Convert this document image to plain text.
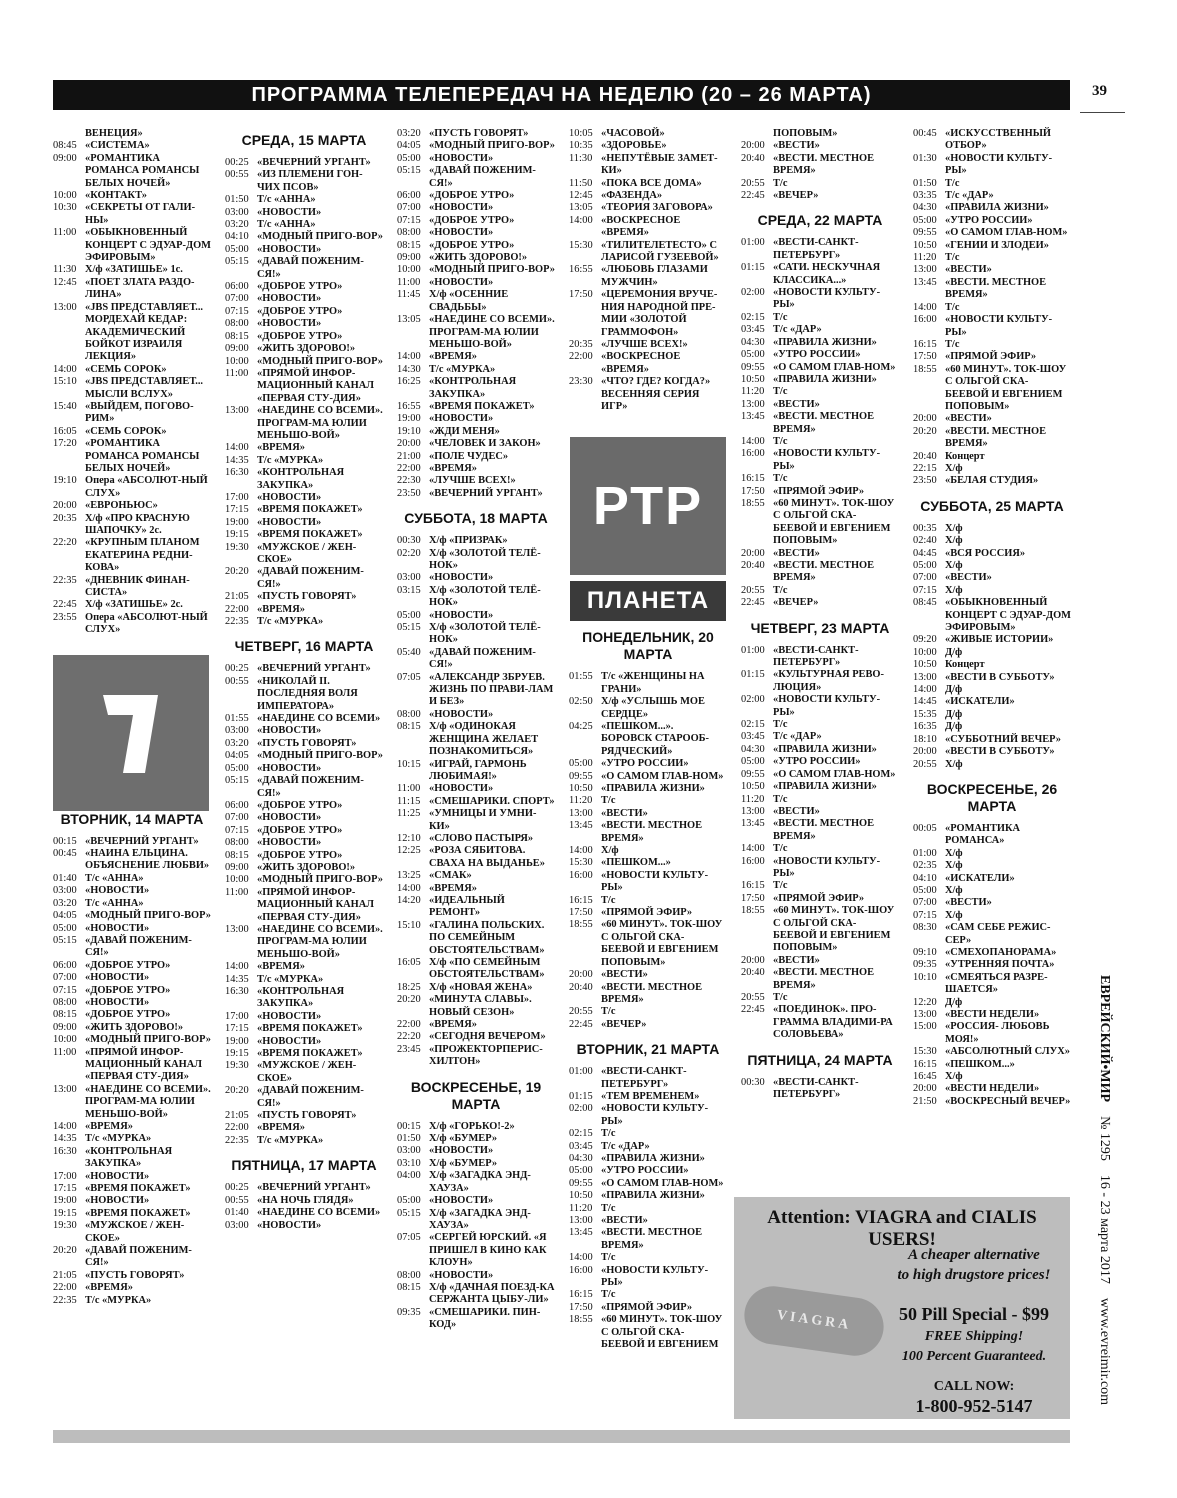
ПРОГРАММА ТЕЛЕПЕРЕДАЧ НА НЕДЕЛЮ (20 – 26 МАРТА)	39
ВЕНЕЦИЯ»
08:45 «СИСТЕМА»
09:00 «РОМАНТИКА РОМАНСА РОМАНСЫ БЕЛЫХ НОЧЕЙ»
10:00 «КОНТАКТ»
10:30 «СЕКРЕТЫ ОТ ГАЛИ-НЫ»
11:00 «ОБЫКНОВЕННЫЙ КОНЦЕРТ С ЭДУАР-ДОМ ЭФИРОВЫМ»
11:30 Х/ф «ЗАТИШЬЕ» 1с.
12:45 «ПОЕТ ЗЛАТА РАЗДО-ЛИНА»
13:00 «JBS ПРЕДСТАВЛЯЕТ... МОРДЕХАЙ КЕДАР: АКАДЕМИЧЕСКИЙ БОЙКОТ ИЗРАИЛЯ ЛЕКЦИЯ»
14:00 «СЕМЬ СОРОК»
15:10 «JBS ПРЕДСТАВЛЯЕТ... МЫСЛИ ВСЛУХ»
15:40 «ВЫЙДЕМ, ПОГОВО-РИМ»
16:05 «СЕМЬ СОРОК»
17:20 «РОМАНТИКА РОМАНСА РОМАНСЫ БЕЛЫХ НОЧЕЙ»
19:10 Опера «АБСОЛЮТ-НЫЙ СЛУХ»
20:00 «ЕВРОНЬЮС»
20:35 Х/ф «ПРО КРАСНУЮ ШАПОЧКУ» 2с.
22:20 «КРУПНЫМ ПЛАНОМ ЕКАТЕРИНА РЕДНИ-КОВА»
22:35 «ДНЕВНИК ФИНАН-СИСТА»
22:45 Х/ф «ЗАТИШЬЕ» 2с.
23:55 Опера «АБСОЛЮТ-НЫЙ СЛУХ»
ВТОРНИК, 14 МАРТА
00:15 «ВЕЧЕРНИЙ УРГАНТ»
00:45 «НАИНА ЕЛЬЦИНА. ОБЪЯСНЕНИЕ ЛЮБВИ»
01:40 Т/с «АННА»
03:00 «НОВОСТИ»
03:20 Т/с «АННА»
04:05 «МОДНЫЙ ПРИГО-ВОР»
05:00 «НОВОСТИ»
05:15 «ДАВАЙ ПОЖЕНИМ-СЯ!»
06:00 «ДОБРОЕ УТРО»
07:00 «НОВОСТИ»
07:15 «ДОБРОЕ УТРО»
08:00 «НОВОСТИ»
08:15 «ДОБРОЕ УТРО»
09:00 «ЖИТЬ ЗДОРОВО!»
10:00 «МОДНЫЙ ПРИГО-ВОР»
11:00 «ПРЯМОЙ ИНФОР-МАЦИОННЫЙ КАНАЛ «ПЕРВАЯ СТУ-ДИЯ»
13:00 «НАЕДИНЕ СО ВСЕМИ». ПРОГРАМ-МА ЮЛИИ МЕНЬШО-ВОЙ»
14:00 «ВРЕМЯ»
14:35 Т/с «МУРКА»
16:30 «КОНТРОЛЬНАЯ ЗАКУПКА»
17:00 «НОВОСТИ»
17:15 «ВРЕМЯ ПОКАЖЕТ»
19:00 «НОВОСТИ»
19:15 «ВРЕМЯ ПОКАЖЕТ»
19:30 «МУЖСКОЕ / ЖЕН-СКОЕ»
20:20 «ДАВАЙ ПОЖЕНИМ-СЯ!»
21:05 «ПУСТЬ ГОВОРЯТ»
22:00 «ВРЕМЯ»
22:35 Т/с «МУРКА»
СРЕДА, 15 МАРТА
00:25 «ВЕЧЕРНИЙ УРГАНТ»
00:55 «ИЗ ПЛЕМЕНИ ГОН-ЧИХ ПСОВ»
01:50 Т/с «АННА»
03:00 «НОВОСТИ»
03:20 Т/с «АННА»
04:10 «МОДНЫЙ ПРИГО-ВОР»
05:00 «НОВОСТИ»
05:15 «ДАВАЙ ПОЖЕНИМ-СЯ!»
06:00 «ДОБРОЕ УТРО»
07:00 «НОВОСТИ»
07:15 «ДОБРОЕ УТРО»
08:00 «НОВОСТИ»
08:15 «ДОБРОЕ УТРО»
09:00 «ЖИТЬ ЗДОРОВО!»
10:00 «МОДНЫЙ ПРИГО-ВОР»
11:00 «ПРЯМОЙ ИНФОР-МАЦИОННЫЙ КАНАЛ «ПЕРВАЯ СТУ-ДИЯ»
13:00 «НАЕДИНЕ СО ВСЕМИ». ПРОГРАМ-МА ЮЛИИ МЕНЬШО-ВОЙ»
14:00 «ВРЕМЯ»
14:35 Т/с «МУРКА»
16:30 «КОНТРОЛЬНАЯ ЗАКУПКА»
17:00 «НОВОСТИ»
17:15 «ВРЕМЯ ПОКАЖЕТ»
19:00 «НОВОСТИ»
19:15 «ВРЕМЯ ПОКАЖЕТ»
19:30 «МУЖСКОЕ / ЖЕН-СКОЕ»
20:20 «ДАВАЙ ПОЖЕНИМ-СЯ!»
21:05 «ПУСТЬ ГОВОРЯТ»
22:00 «ВРЕМЯ»
22:35 Т/с «МУРКА»
ЧЕТВЕРГ, 16 МАРТА
00:25 «ВЕЧЕРНИЙ УРГАНТ»
00:55 «НИКОЛАЙ II. ПОСЛЕДНЯЯ ВОЛЯ ИМПЕРАТОРА»
01:55 «НАЕДИНЕ СО ВСЕМИ»
03:00 «НОВОСТИ»
03:20 «ПУСТЬ ГОВОРЯТ»
04:05 «МОДНЫЙ ПРИГО-ВОР»
05:00 «НОВОСТИ»
05:15 «ДАВАЙ ПОЖЕНИМ-СЯ!»
06:00 «ДОБРОЕ УТРО»
07:00 «НОВОСТИ»
07:15 «ДОБРОЕ УТРО»
08:00 «НОВОСТИ»
08:15 «ДОБРОЕ УТРО»
09:00 «ЖИТЬ ЗДОРОВО!»
10:00 «МОДНЫЙ ПРИГО-ВОР»
11:00 «ПРЯМОЙ ИНФОР-МАЦИОННЫЙ КАНАЛ «ПЕРВАЯ СТУ-ДИЯ»
13:00 «НАЕДИНЕ СО ВСЕМИ». ПРОГРАМ-МА ЮЛИИ МЕНЬШО-ВОЙ»
14:00 «ВРЕМЯ»
14:35 Т/с «МУРКА»
16:30 «КОНТРОЛЬНАЯ ЗАКУПКА»
17:00 «НОВОСТИ»
17:15 «ВРЕМЯ ПОКАЖЕТ»
19:00 «НОВОСТИ»
19:15 «ВРЕМЯ ПОКАЖЕТ»
19:30 «МУЖСКОЕ / ЖЕН-СКОЕ»
20:20 «ДАВАЙ ПОЖЕНИМ-СЯ!»
21:05 «ПУСТЬ ГОВОРЯТ»
22:00 «ВРЕМЯ»
22:35 Т/с «МУРКА»
ПЯТНИЦА, 17 МАРТА
00:25 «ВЕЧЕРНИЙ УРГАНТ»
00:55 «НА НОЧЬ ГЛЯДЯ»
01:40 «НАЕДИНЕ СО ВСЕМИ»
03:00 «НОВОСТИ»
03:20 «ПУСТЬ ГОВОРЯТ»
04:05 «МОДНЫЙ ПРИГО-ВОР»
05:00 «НОВОСТИ»
05:15 «ДАВАЙ ПОЖЕНИМ-СЯ!»
06:00 «ДОБРОЕ УТРО»
07:00 «НОВОСТИ»
07:15 «ДОБРОЕ УТРО»
08:00 «НОВОСТИ»
08:15 «ДОБРОЕ УТРО»
09:00 «ЖИТЬ ЗДОРОВО!»
10:00 «МОДНЫЙ ПРИГО-ВОР»
11:00 «НОВОСТИ»
11:45 Х/ф «ОСЕННИЕ СВАДЬБЫ»
13:05 «НАЕДИНЕ СО ВСЕМИ». ПРОГРАМ-МА ЮЛИИ МЕНЬШО-ВОЙ»
14:00 «ВРЕМЯ»
14:30 Т/с «МУРКА»
16:25 «КОНТРОЛЬНАЯ ЗАКУПКА»
16:55 «ВРЕМЯ ПОКАЖЕТ»
19:00 «НОВОСТИ»
19:10 «ЖДИ МЕНЯ»
20:00 «ЧЕЛОВЕК И ЗАКОН»
21:00 «ПОЛЕ ЧУДЕС»
22:00 «ВРЕМЯ»
22:30 «ЛУЧШЕ ВСЕХ!»
23:50 «ВЕЧЕРНИЙ УРГАНТ»
СУББОТА, 18 МАРТА
00:30 Х/ф «ПРИЗРАК»
02:20 Х/ф «ЗОЛОТОЙ ТЕЛЁ-НОК»
03:00 «НОВОСТИ»
03:15 Х/ф «ЗОЛОТОЙ ТЕЛЁ-НОК»
05:00 «НОВОСТИ»
05:15 Х/ф «ЗОЛОТОЙ ТЕЛЁ-НОК»
05:40 «ДАВАЙ ПОЖЕНИМ-СЯ!»
07:05 «АЛЕКСАНДР ЗБРУЕВ. ЖИЗНЬ ПО ПРАВИ-ЛАМ И БЕЗ»
08:00 «НОВОСТИ»
08:15 Х/ф «ОДИНОКАЯ ЖЕНЩИНА ЖЕЛАЕТ ПОЗНАКОМИТЬСЯ»
10:15 «ИГРАЙ, ГАРМОНЬ ЛЮБИМАЯ!»
11:00 «НОВОСТИ»
11:15 «СМЕШАРИКИ. СПОРТ»
11:25 «УМНИЦЫ И УМНИ-КИ»
12:10 «СЛОВО ПАСТЫРЯ»
12:25 «РОЗА СЯБИТОВА. СВАХА НА ВЫДАНЬЕ»
13:25 «СМАК»
14:00 «ВРЕМЯ»
14:20 «ИДЕАЛЬНЫЙ РЕМОНТ»
15:10 «ГАЛИНА ПОЛЬСКИХ. ПО СЕМЕЙНЫМ ОБСТОЯТЕЛЬСТВАМ»
16:05 Х/ф «ПО СЕМЕЙНЫМ ОБСТОЯТЕЛЬСТВАМ»
18:25 Х/ф «НОВАЯ ЖЕНА»
20:20 «МИНУТА СЛАВЫ». НОВЫЙ СЕЗОН»
22:00 «ВРЕМЯ»
22:20 «СЕГОДНЯ ВЕЧЕРОМ»
23:45 «ПРОЖЕКТОРПЕРИС-ХИЛТОН»
ВОСКРЕСЕНЬЕ, 19 МАРТА
00:15 Х/ф «ГОРЬКО!-2»
01:50 Х/ф «БУМЕР»
03:00 «НОВОСТИ»
03:10 Х/ф «БУМЕР»
04:00 Х/ф «ЗАГАДКА ЭНД-ХАУЗА»
05:00 «НОВОСТИ»
05:15 Х/ф «ЗАГАДКА ЭНД-ХАУЗА»
07:05 «СЕРГЕЙ ЮРСКИЙ. «Я ПРИШЕЛ В КИНО КАК КЛОУН»
08:00 «НОВОСТИ»
08:15 Х/ф «ДАЧНАЯ ПОЕЗД-КА СЕРЖАНТА ЦЫБУ-ЛИ»
09:35 «СМЕШАРИКИ. ПИН-КОД»
10:05 «ЧАСОВОЙ»
10:35 «ЗДОРОВЬЕ»
11:30 «НЕПУТЁВЫЕ ЗАМЕТ-КИ»
11:50 «ПОКА ВСЕ ДОМА»
12:45 «ФАЗЕНДА»
13:05 «ТЕОРИЯ ЗАГОВОРА»
14:00 «ВОСКРЕСНОЕ «ВРЕМЯ»
15:30 «ТИЛИТЕЛЕТЕСТО» С ЛАРИСОЙ ГУЗЕЕВОЙ»
16:55 «ЛЮБОВЬ ГЛАЗАМИ МУЖЧИН»
17:50 «ЦЕРЕМОНИЯ ВРУЧЕ-НИЯ НАРОДНОЙ ПРЕ-МИИ «ЗОЛОТОЙ ГРАММОФОН»
20:35 «ЛУЧШЕ ВСЕХ!»
22:00 «ВОСКРЕСНОЕ «ВРЕМЯ»
23:30 «ЧТО? ГДЕ? КОГДА?» ВЕСЕННЯЯ СЕРИЯ ИГР»
ПОНЕДЕЛЬНИК, 20 МАРТА
01:55 Т/с «ЖЕНЩИНЫ НА ГРАНИ»
02:50 Х/ф «УСЛЫШЬ МОЕ СЕРДЦЕ»
04:25 «ПЕШКОМ...». БОРОВСК СТАРООБ-РЯДЧЕСКИЙ»
05:00 «УТРО РОССИИ»
09:55 «О САМОМ ГЛАВ-НОМ»
10:50 «ПРАВИЛА ЖИЗНИ»
11:20 Т/с
13:00 «ВЕСТИ»
13:45 «ВЕСТИ. МЕСТНОЕ ВРЕМЯ»
14:00 Х/ф
15:30 «ПЕШКОМ...»
16:00 «НОВОСТИ КУЛЬТУ-РЫ»
16:15 Т/с
17:50 «ПРЯМОЙ ЭФИР»
18:55 «60 МИНУТ». ТОК-ШОУ С ОЛЬГОЙ СКА-БЕЕВОЙ И ЕВГЕНИЕМ ПОПОВЫМ»
20:00 «ВЕСТИ»
20:40 «ВЕСТИ. МЕСТНОЕ ВРЕМЯ»
20:55 Т/с
22:45 «ВЕЧЕР»
ВТОРНИК, 21 МАРТА
01:00 «ВЕСТИ-САНКТ-ПЕТЕРБУРГ»
01:15 «ТЕМ ВРЕМЕНЕМ»
02:00 «НОВОСТИ КУЛЬТУ-РЫ»
02:15 Т/с
03:45 Т/с «ДАР»
04:30 «ПРАВИЛА ЖИЗНИ»
05:00 «УТРО РОССИИ»
09:55 «О САМОМ ГЛАВ-НОМ»
10:50 «ПРАВИЛА ЖИЗНИ»
11:20 Т/с
13:00 «ВЕСТИ»
13:45 «ВЕСТИ. МЕСТНОЕ ВРЕМЯ»
14:00 Т/с
16:00 «НОВОСТИ КУЛЬТУ-РЫ»
16:15 Т/с
17:50 «ПРЯМОЙ ЭФИР»
18:55 «60 МИНУТ». ТОК-ШОУ С ОЛЬГОЙ СКА-БЕЕВОЙ И ЕВГЕНИЕМ
ПОПОВЫМ»
20:00 «ВЕСТИ»
20:40 «ВЕСТИ. МЕСТНОЕ ВРЕМЯ»
20:55 Т/с
22:45 «ВЕЧЕР»
СРЕДА, 22 МАРТА
01:00 «ВЕСТИ-САНКТ-ПЕТЕРБУРГ»
01:15 «САТИ. НЕСКУЧНАЯ КЛАССИКА...»
02:00 «НОВОСТИ КУЛЬТУ-РЫ»
02:15 Т/с
03:45 Т/с «ДАР»
04:30 «ПРАВИЛА ЖИЗНИ»
05:00 «УТРО РОССИИ»
09:55 «О САМОМ ГЛАВ-НОМ»
10:50 «ПРАВИЛА ЖИЗНИ»
11:20 Т/с
13:00 «ВЕСТИ»
13:45 «ВЕСТИ. МЕСТНОЕ ВРЕМЯ»
14:00 Т/с
16:00 «НОВОСТИ КУЛЬТУ-РЫ»
16:15 Т/с
17:50 «ПРЯМОЙ ЭФИР»
18:55 «60 МИНУТ». ТОК-ШОУ С ОЛЬГОЙ СКА-БЕЕВОЙ И ЕВГЕНИЕМ ПОПОВЫМ»
20:00 «ВЕСТИ»
20:40 «ВЕСТИ. МЕСТНОЕ ВРЕМЯ»
20:55 Т/с
22:45 «ВЕЧЕР»
ЧЕТВЕРГ, 23 МАРТА
01:00 «ВЕСТИ-САНКТ-ПЕТЕРБУРГ»
01:15 «КУЛЬТУРНАЯ РЕВО-ЛЮЦИЯ»
02:00 «НОВОСТИ КУЛЬТУ-РЫ»
02:15 Т/с
03:45 Т/с «ДАР»
04:30 «ПРАВИЛА ЖИЗНИ»
05:00 «УТРО РОССИИ»
09:55 «О САМОМ ГЛАВ-НОМ»
10:50 «ПРАВИЛА ЖИЗНИ»
11:20 Т/с
13:00 «ВЕСТИ»
13:45 «ВЕСТИ. МЕСТНОЕ ВРЕМЯ»
14:00 Т/с
16:00 «НОВОСТИ КУЛЬТУ-РЫ»
16:15 Т/с
17:50 «ПРЯМОЙ ЭФИР»
18:55 «60 МИНУТ». ТОК-ШОУ С ОЛЬГОЙ СКА-БЕЕВОЙ И ЕВГЕНИЕМ ПОПОВЫМ»
20:00 «ВЕСТИ»
20:40 «ВЕСТИ. МЕСТНОЕ ВРЕМЯ»
20:55 Т/с
22:45 «ПОЕДИНОК». ПРО-ГРАММА ВЛАДИМИ-РА СОЛОВЬЕВА»
ПЯТНИЦА, 24 МАРТА
00:30 «ВЕСТИ-САНКТ-ПЕТЕРБУРГ»
00:45 «ИСКУССТВЕННЫЙ ОТБОР»
01:30 «НОВОСТИ КУЛЬТУ-РЫ»
01:50 Т/с
03:35 Т/с «ДАР»
04:30 «ПРАВИЛА ЖИЗНИ»
05:00 «УТРО РОССИИ»
09:55 «О САМОМ ГЛАВ-НОМ»
10:50 «ГЕНИИ И ЗЛОДЕИ»
11:20 Т/с
13:00 «ВЕСТИ»
13:45 «ВЕСТИ. МЕСТНОЕ ВРЕМЯ»
14:00 Т/с
16:00 «НОВОСТИ КУЛЬТУ-РЫ»
16:15 Т/с
17:50 «ПРЯМОЙ ЭФИР»
18:55 «60 МИНУТ». ТОК-ШОУ С ОЛЬГОЙ СКА-БЕЕВОЙ И ЕВГЕНИЕМ ПОПОВЫМ»
20:00 «ВЕСТИ»
20:20 «ВЕСТИ. МЕСТНОЕ ВРЕМЯ»
20:40 Концерт
22:15 Х/ф
23:50 «БЕЛАЯ СТУДИЯ»
СУББОТА, 25 МАРТА
00:35 Х/ф
02:40 Х/ф
04:45 «ВСЯ РОССИЯ»
05:00 Х/ф
07:00 «ВЕСТИ»
07:15 Х/ф
08:45 «ОБЫКНОВЕННЫЙ КОНЦЕРТ С ЭДУАР-ДОМ ЭФИРОВЫМ»
09:20 «ЖИВЫЕ ИСТОРИИ»
10:00 Д/ф
10:50 Концерт
13:00 «ВЕСТИ В СУББОТУ»
14:00 Д/ф
14:45 «ИСКАТЕЛИ»
15:35 Д/ф
16:35 Д/ф
18:10 «СУББОТНИЙ ВЕЧЕР»
20:00 «ВЕСТИ В СУББОТУ»
20:55 Х/ф
ВОСКРЕСЕНЬЕ, 26 МАРТА
00:05 «РОМАНТИКА РОМАНСА»
01:00 Х/ф
02:35 Х/ф
04:10 «ИСКАТЕЛИ»
05:00 Х/ф
07:00 «ВЕСТИ»
07:15 Х/ф
08:30 «САМ СЕБЕ РЕЖИС-СЕР»
09:10 «СМЕХОПАНОРАМА»
09:35 «УТРЕННЯЯ ПОЧТА»
10:10 «СМЕЯТЬСЯ РАЗРЕ-ШАЕТСЯ»
12:20 Д/ф
13:00 «ВЕСТИ НЕДЕЛИ»
15:00 «РОССИЯ- ЛЮБОВЬ МОЯ!»
15:30 «АБСОЛЮТНЫЙ СЛУХ»
16:15 «ПЕШКОМ...»
16:45 Х/ф
20:00 «ВЕСТИ НЕДЕЛИ»
21:50 «ВОСКРЕСНЫЙ ВЕЧЕР»
РТР
ПЛАНЕТА
Attention: VIAGRA and CIALIS USERS!
A cheaper alternative
to high drugstore prices!
VIAGRA	50 Pill Special - $99
FREE Shipping!
100 Percent Guaranteed.
CALL NOW:
1-800-952-5147
ЕВРЕЙСКИЙ•МИР    № 1295    16 - 23 марта 2017    www.evreimir.com
